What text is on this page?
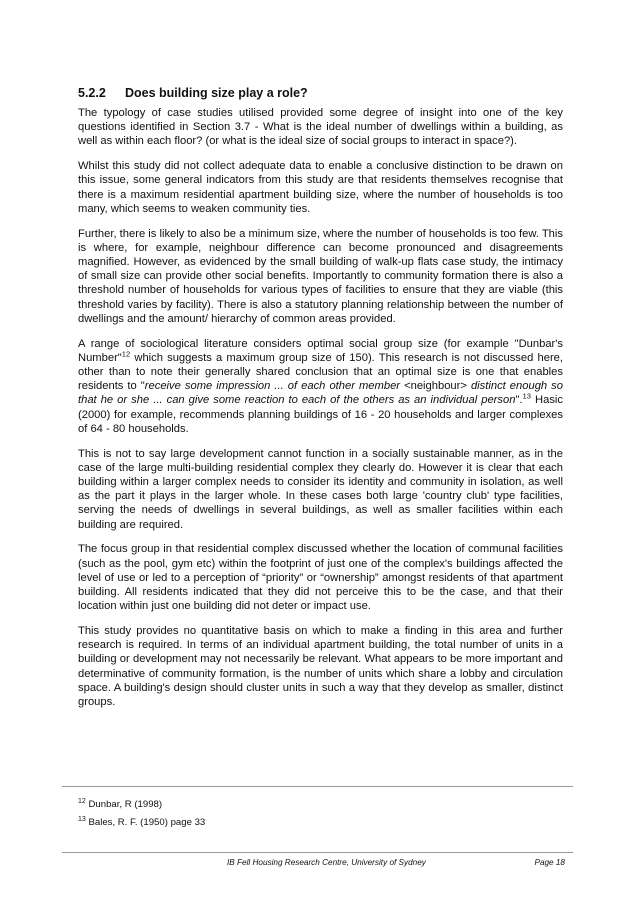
5.2.2 Does building size play a role?

The typology of case studies utilised provided some degree of insight into one of the key questions identified in Section 3.7 - What is the ideal number of dwellings within a building, as well as within each floor? (or what is the ideal size of social groups to interact in space?).

Whilst this study did not collect adequate data to enable a conclusive distinction to be drawn on this issue, some general indicators from this study are that residents themselves recognise that there is a maximum residential apartment building size, where the number of households is too many, which seems to weaken community ties.

Further, there is likely to also be a minimum size, where the number of households is too few. This is where, for example, neighbour difference can become pronounced and disagreements magnified. However, as evidenced by the small building of walk-up flats case study, the intimacy of small size can provide other social benefits. Importantly to community formation there is also a threshold number of households for various types of facilities to ensure that they are viable (this threshold varies by facility). There is also a statutory planning relationship between the number of dwellings and the amount/ hierarchy of common areas provided.

A range of sociological literature considers optimal social group size (for example "Dunbar's Number"$^{12}$ which suggests a maximum group size of 150). This research is not discussed here, other than to note their generally shared conclusion that an optimal size is one that enables residents to "receive some impression ... of each other member <neighbour> distinct enough so that he or she ... can give some reaction to each of the others as an individual person".$^{13}$ Hasic (2000) for example, recommends planning buildings of 16 - 20 households and larger complexes of 64 - 80 households.

This is not to say large development cannot function in a socially sustainable manner, as in the case of the large multi-building residential complex they clearly do. However it is clear that each building within a larger complex needs to consider its identity and community in isolation, as well as the part it plays in the larger whole. In these cases both large 'country club' type facilities, serving the needs of dwellings in several buildings, as well as smaller facilities within each building are required.

The focus group in that residential complex discussed whether the location of communal facilities (such as the pool, gym etc) within the footprint of just one of the complex's buildings affected the level of use or led to a perception of “priority” or “ownership” amongst residents of that apartment building. All residents indicated that they did not perceive this to be the case, and that their location within just one building did not deter or impact use.

This study provides no quantitative basis on which to make a finding in this area and further research is required. In terms of an individual apartment building, the total number of units in a building or development may not necessarily be relevant. What appears to be more important and determinative of community formation, is the number of units which share a lobby and circulation space. A building's design should cluster units in such a way that they develop as smaller, distinct groups.

$^{12}$ Dunbar, R (1998)
$^{13}$ Bales, R. F. (1950) page 33
IB Fell Housing Research Centre, University of Sydney	Page 18
